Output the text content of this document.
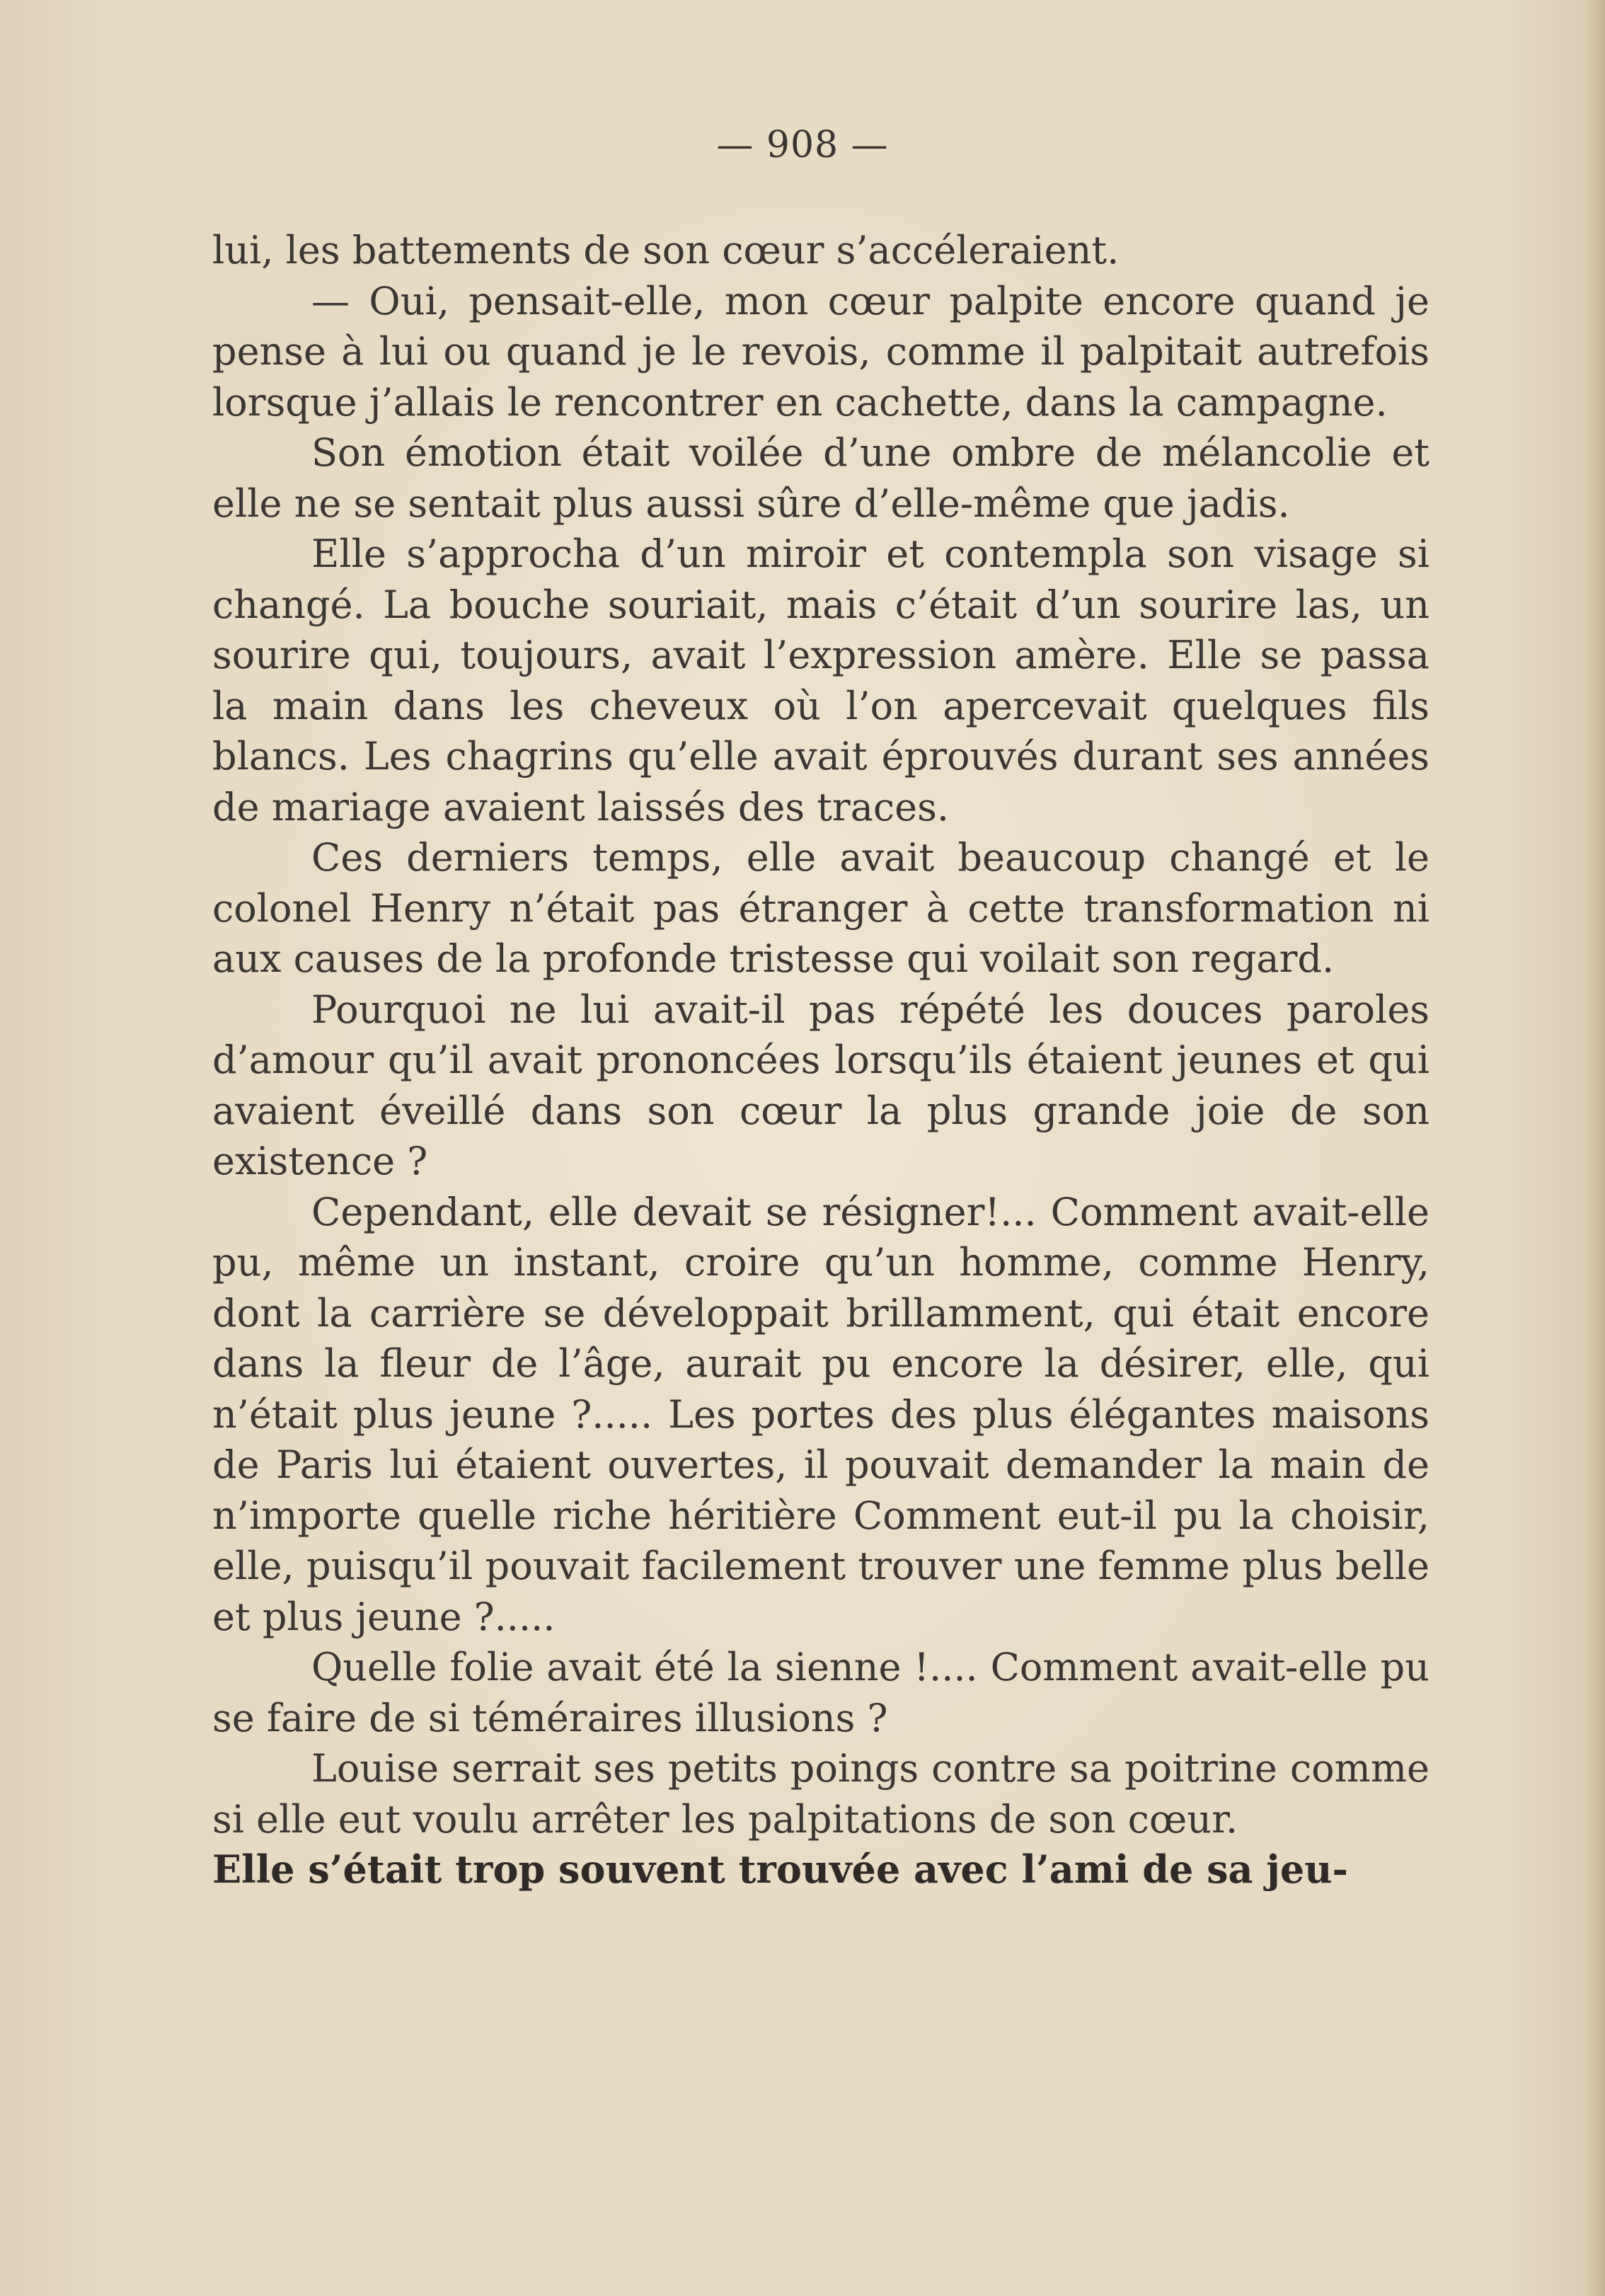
— 908 —

lui, les battements de son cœur s’accéleraient.

— Oui, pensait-elle, mon cœur palpite encore quand je pense à lui ou quand je le revois, comme il palpitait autrefois lorsque j’allais le rencontrer en cachette, dans la campagne.

Son émotion était voilée d’une ombre de mélancolie et elle ne se sentait plus aussi sûre d’elle-même que jadis.

Elle s’approcha d’un miroir et contempla son visage si changé. La bouche souriait, mais c’était d’un sourire las, un sourire qui, toujours, avait l’expression amère. Elle se passa la main dans les cheveux où l’on apercevait quelques fils blancs. Les chagrins qu’elle avait éprouvés durant ses années de mariage avaient laissés des traces.

Ces derniers temps, elle avait beaucoup changé et le colonel Henry n’était pas étranger à cette transformation ni aux causes de la profonde tristesse qui voilait son regard.

Pourquoi ne lui avait-il pas répété les douces paroles d’amour qu’il avait prononcées lorsqu’ils étaient jeunes et qui avaient éveillé dans son cœur la plus grande joie de son existence ?

Cependant, elle devait se résigner!... Comment avait-elle pu, même un instant, croire qu’un homme, comme Henry, dont la carrière se développait brillamment, qui était encore dans la fleur de l’âge, aurait pu encore la désirer, elle, qui n’était plus jeune ?..... Les portes des plus élégantes maisons de Paris lui étaient ouvertes, il pouvait demander la main de n’importe quelle riche héritière Comment eut-il pu la choisir, elle, puisqu’il pouvait facilement trouver une femme plus belle et plus jeune ?.....

Quelle folie avait été la sienne !.... Comment avait-elle pu se faire de si téméraires illusions ?

Louise serrait ses petits poings contre sa poitrine comme si elle eut voulu arrêter les palpitations de son cœur.

Elle s’était trop souvent trouvée avec l’ami de sa jeu-
